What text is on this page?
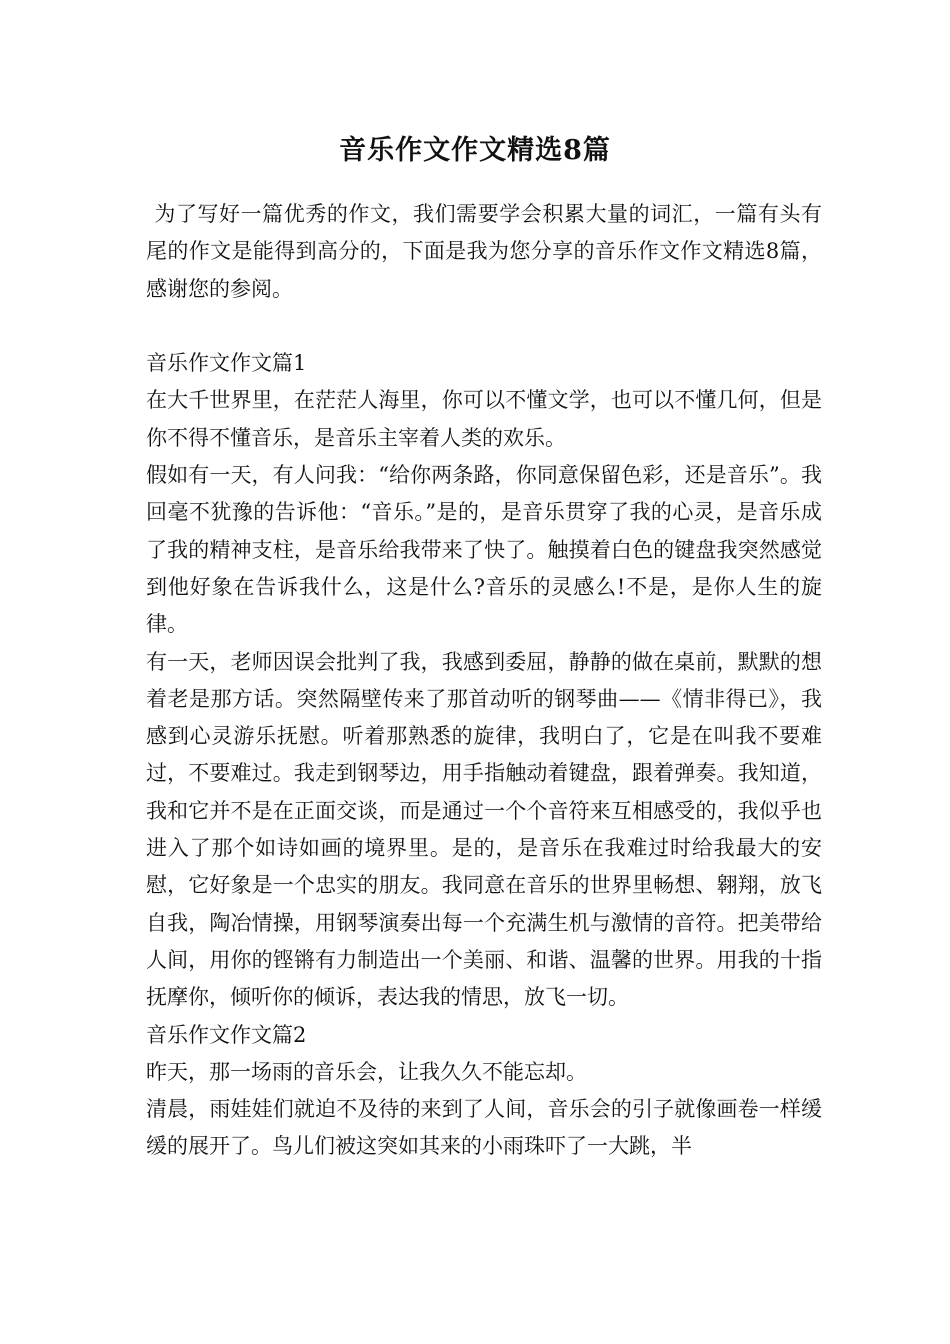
音乐作文作文精选8篇

为了写好一篇优秀的作文，我们需要学会积累大量的词汇，一篇有头有尾的作文是能得到高分的，下面是我为您分享的音乐作文作文精选8篇，感谢您的参阅。

音乐作文作文篇1

在大千世界里，在茫茫人海里，你可以不懂文学，也可以不懂几何，但是你不得不懂音乐，是音乐主宰着人类的欢乐。

假如有一天，有人问我：“给你两条路，你同意保留色彩，还是音乐”。我回毫不犹豫的告诉他：“音乐。”是的，是音乐贯穿了我的心灵，是音乐成了我的精神支柱，是音乐给我带来了快了。触摸着白色的键盘我突然感觉到他好象在告诉我什么，这是什么?音乐的灵感么!不是，是你人生的旋律。

有一天，老师因误会批判了我，我感到委屈，静静的做在桌前，默默的想着老是那方话。突然隔壁传来了那首动听的钢琴曲——《情非得已》，我感到心灵游乐抚慰。听着那熟悉的旋律，我明白了，它是在叫我不要难过，不要难过。我走到钢琴边，用手指触动着键盘，跟着弹奏。我知道，我和它并不是在正面交谈，而是通过一个个音符来互相感受的，我似乎也进入了那个如诗如画的境界里。是的，是音乐在我难过时给我最大的安慰，它好象是一个忠实的朋友。我同意在音乐的世界里畅想、翱翔，放飞自我，陶冶情操，用钢琴演奏出每一个充满生机与激情的音符。把美带给人间，用你的铿锵有力制造出一个美丽、和谐、温馨的世界。用我的十指抚摩你，倾听你的倾诉，表达我的情思，放飞一切。

音乐作文作文篇2

昨天，那一场雨的音乐会，让我久久不能忘却。

清晨，雨娃娃们就迫不及待的来到了人间，音乐会的引子就像画卷一样缓缓的展开了。鸟儿们被这突如其来的小雨珠吓了一大跳，半
